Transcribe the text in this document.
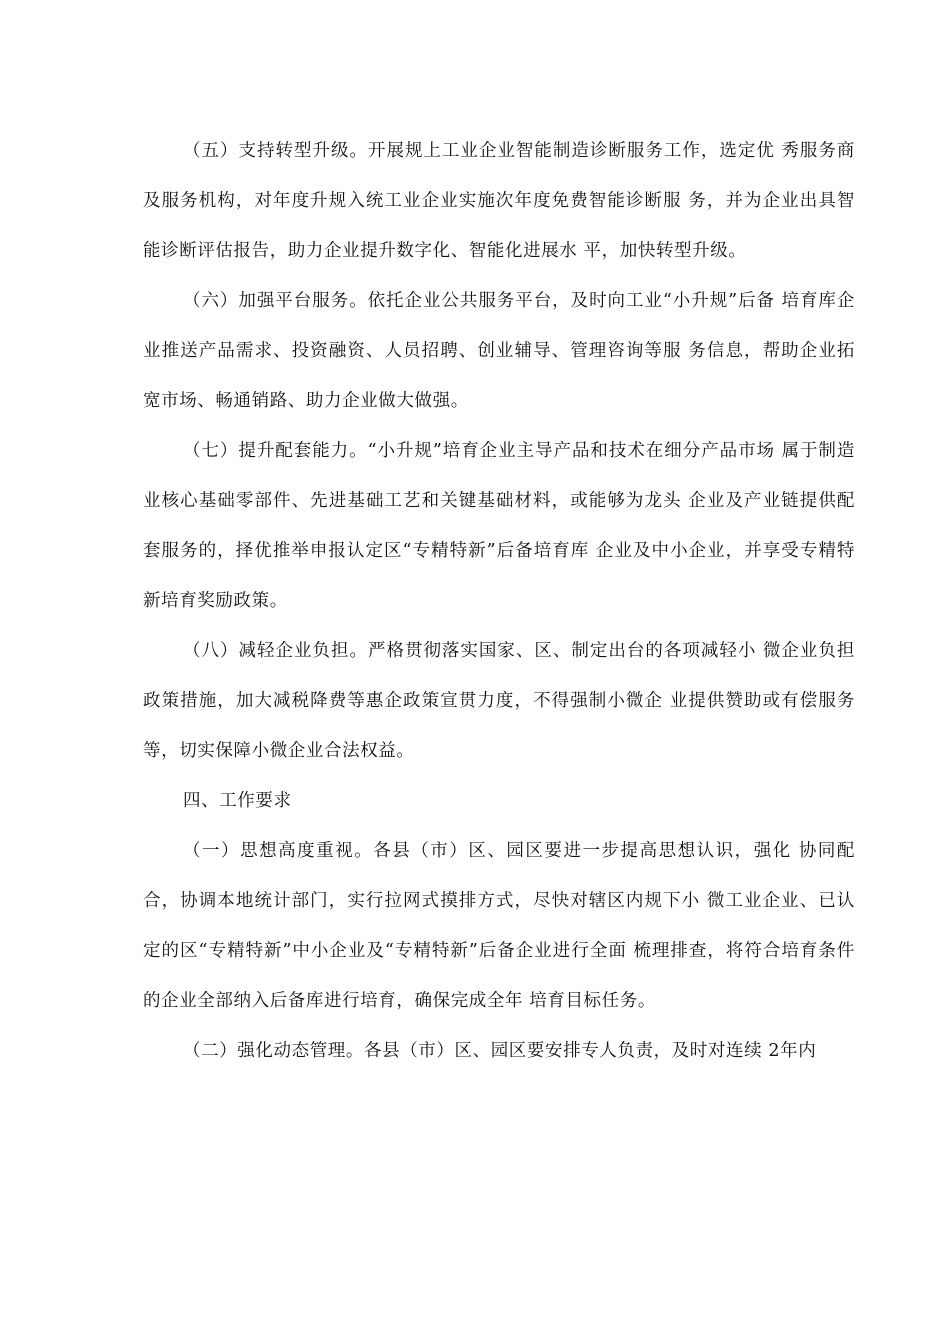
（五）支持转型升级。开展规上工业企业智能制造诊断服务工作，选定优 秀服务商及服务机构，对年度升规入统工业企业实施次年度免费智能诊断服 务，并为企业出具智能诊断评估报告，助力企业提升数字化、智能化进展水 平，加快转型升级。

（六）加强平台服务。依托企业公共服务平台，及时向工业“小升规”后备 培育库企业推送产品需求、投资融资、人员招聘、创业辅导、管理咨询等服 务信息，帮助企业拓宽市场、畅通销路、助力企业做大做强。

（七）提升配套能力。“小升规”培育企业主导产品和技术在细分产品市场 属于制造业核心基础零部件、先进基础工艺和关键基础材料，或能够为龙头 企业及产业链提供配套服务的，择优推举申报认定区“专精特新”后备培育库 企业及中小企业，并享受专精特新培育奖励政策。

（八）减轻企业负担。严格贯彻落实国家、区、制定出台的各项减轻小 微企业负担政策措施，加大减税降费等惠企政策宣贯力度，不得强制小微企 业提供赞助或有偿服务等，切实保障小微企业合法权益。

四、工作要求

（一）思想高度重视。各县（市）区、园区要进一步提高思想认识，强化 协同配合，协调本地统计部门，实行拉网式摸排方式，尽快对辖区内规下小 微工业企业、已认定的区“专精特新”中小企业及“专精特新”后备企业进行全面 梳理排查，将符合培育条件的企业全部纳入后备库进行培育，确保完成全年 培育目标任务。

（二）强化动态管理。各县（市）区、园区要安排专人负责，及时对连续 2年内
